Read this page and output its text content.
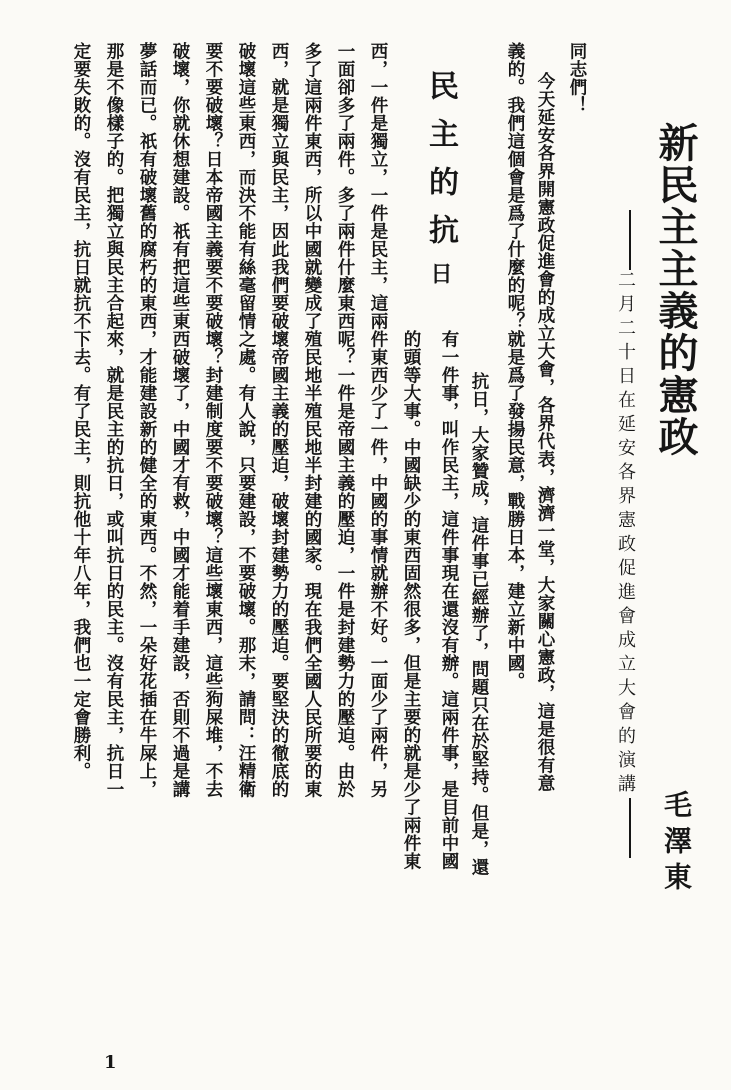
新民主主義的憲政
二月二十日在延安各界憲政促進會成立大會的演講
毛澤東
同志們！
今天延安各界開憲政促進會的成立大會，各界代表，濟濟一堂，大家關心憲政，這是很有意
義的。我們這個會是爲了什麼的呢？就是爲了發揚民意，戰勝日本，建立新中國。
抗日，大家贊成，這件事已經辦了，問題只在於堅持。但是，還
有一件事，叫作民主，這件事現在還沒有辦。這兩件事，是目前中國
的頭等大事。中國缺少的東西固然很多，但是主要的就是少了兩件東
民主的抗日
西，一件是獨立，一件是民主，這兩件東西少了一件，中國的事情就辦不好。一面少了兩件，另
一面卻多了兩件。多了兩件什麼東西呢？一件是帝國主義的壓迫，一件是封建勢力的壓迫。由於
多了這兩件東西，所以中國就變成了殖民地半殖民地半封建的國家。現在我們全國人民所要的東
西，就是獨立與民主，因此我們要破壞帝國主義的壓迫，破壞封建勢力的壓迫。要堅決的徹底的
破壞這些東西，而決不能有絲毫留情之處。有人說，只要建設，不要破壞。那末，請問：汪精衛
要不要破壞？日本帝國主義要不要破壞？封建制度要不要破壞？這些壞東西，這些狗屎堆，不去
破壞，你就休想建設。祇有把這些東西破壞了，中國才有救，中國才能着手建設，否則不過是講
夢話而已。祇有破壞舊的腐朽的東西，才能建設新的健全的東西。不然，一朵好花插在牛屎上，
那是不像樣子的。把獨立與民主合起來，就是民主的抗日，或叫抗日的民主。沒有民主，抗日一
定要失敗的。沒有民主，抗日就抗不下去。有了民主，則抗他十年八年，我們也一定會勝利。
1
